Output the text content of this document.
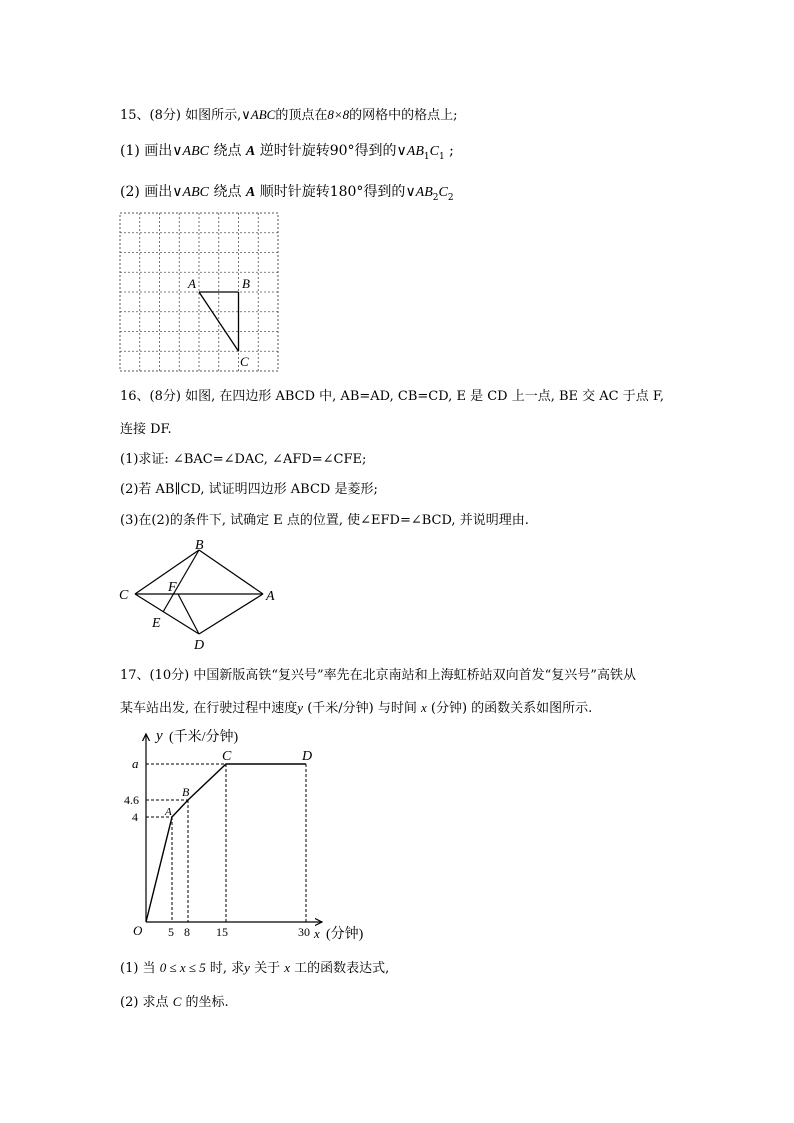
15、(8分) 如图所示,∨ABC的顶点在8×8的网格中的格点上;
(1) 画出∨ABC 绕点 A 逆时针旋转90°得到的$\vee AB_1C_1$ ;
(2) 画出∨ABC 绕点 A 顺时针旋转180°得到的$\vee AB_2C_2$
A	B
C
16、(8分) 如图, 在四边形 ABCD 中, AB=AD, CB=CD, E 是 CD 上一点, BE 交 AC 于点 F,
连接 DF.
(1)求证: ∠BAC=∠DAC, ∠AFD=∠CFE;
(2)若 AB∥CD, 试证明四边形 ABCD 是菱形;
(3)在(2)的条件下, 试确定 E 点的位置, 使∠EFD=∠BCD, 并说明理由.
B
C	A
D
E
F
17、(10分) 中国新版高铁“复兴号”率先在北京南站和上海虹桥站双向首发“复兴号”高铁从
某车站出发, 在行驶过程中速度y (千米/分钟) 与时间 x (分钟) 的函数关系如图所示.
y (千米/分钟)
x (分钟)
O
a
4.6
4
5 8 15	30
A
B
C	D
(1) 当 0 ≤ x ≤ 5 时, 求y 关于 x 工的函数表达式,
(2) 求点 C 的坐标.
